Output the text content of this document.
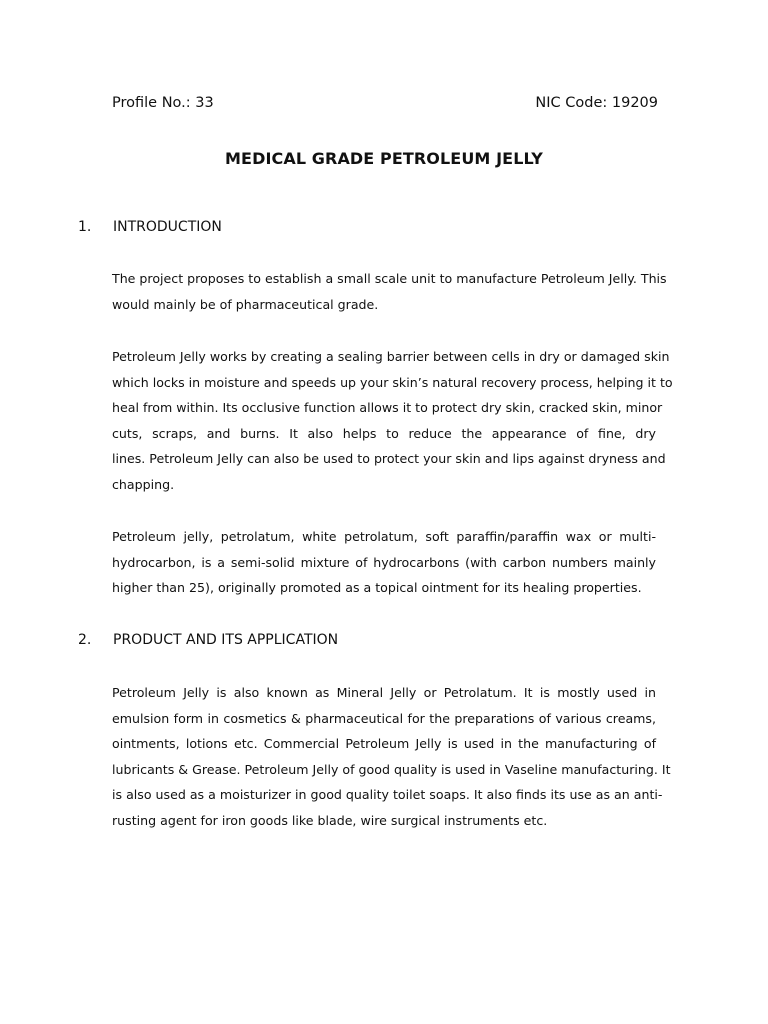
Profile No.: 33	NIC Code: 19209
MEDICAL GRADE PETROLEUM JELLY
1. INTRODUCTION
The project proposes to establish a small scale unit to manufacture Petroleum Jelly. This
would mainly be of pharmaceutical grade.
Petroleum Jelly works by creating a sealing barrier between cells in dry or damaged skin
which locks in moisture and speeds up your skin’s natural recovery process, helping it to
heal from within. Its occlusive function allows it to protect dry skin, cracked skin, minor
cuts, scraps, and burns. It also helps to reduce the appearance of fine, dry
lines. Petroleum Jelly can also be used to protect your skin and lips against dryness and
chapping.
Petroleum jelly, petrolatum, white petrolatum, soft paraffin/paraffin wax or multi-
hydrocarbon, is a semi-solid mixture of hydrocarbons (with carbon numbers mainly
higher than 25), originally promoted as a topical ointment for its healing properties.
2. PRODUCT AND ITS APPLICATION
Petroleum Jelly is also known as Mineral Jelly or Petrolatum. It is mostly used in
emulsion form in cosmetics & pharmaceutical for the preparations of various creams,
ointments, lotions etc. Commercial Petroleum Jelly is used in the manufacturing of
lubricants & Grease. Petroleum Jelly of good quality is used in Vaseline manufacturing. It
is also used as a moisturizer in good quality toilet soaps. It also finds its use as an anti-
rusting agent for iron goods like blade, wire surgical instruments etc.
